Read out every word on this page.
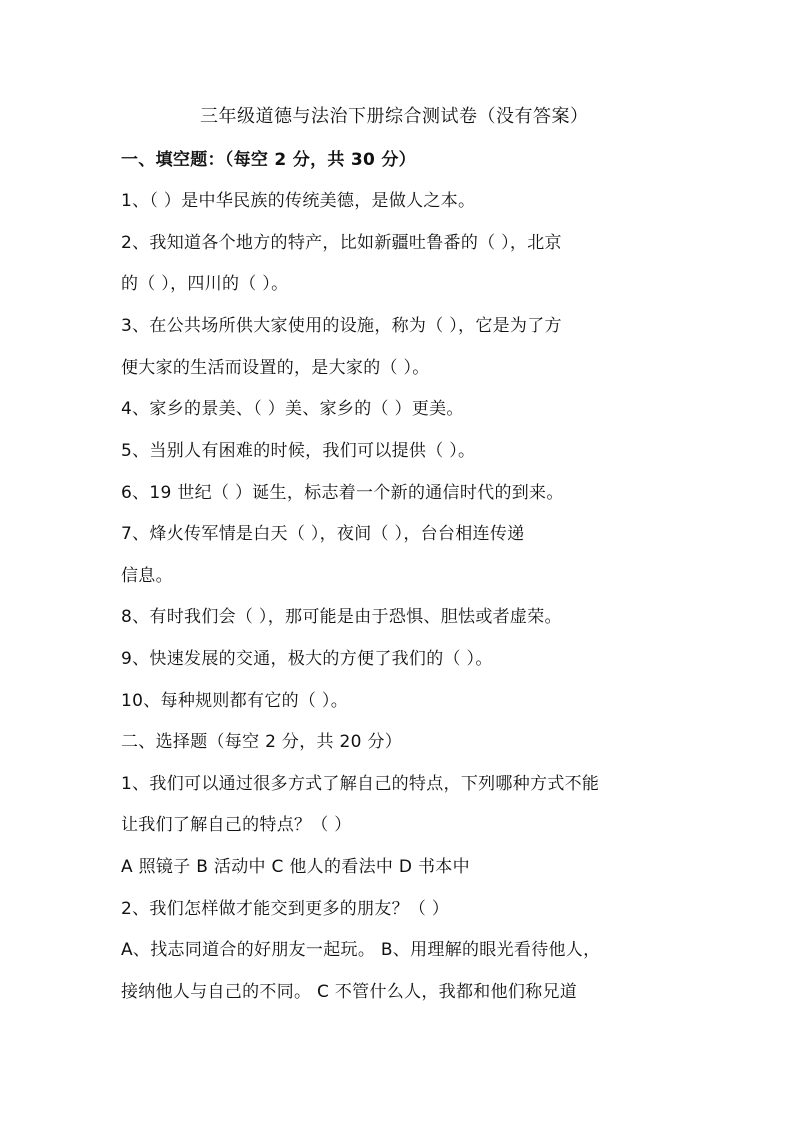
三年级道德与法治下册综合测试卷（没有答案）
一、填空题：（每空 2 分，共 30 分）
1、（ ）是中华民族的传统美德，是做人之本。
2、我知道各个地方的特产，比如新疆吐鲁番的（ ），北京
的（ ），四川的（ ）。
3、在公共场所供大家使用的设施，称为（ ），它是为了方
便大家的生活而设置的，是大家的（ ）。
4、家乡的景美、（ ）美、家乡的（ ）更美。
5、当别人有困难的时候，我们可以提供（ ）。
6、19 世纪（ ）诞生，标志着一个新的通信时代的到来。
7、烽火传军情是白天（ ），夜间（ ），台台相连传递
信息。
8、有时我们会（ ），那可能是由于恐惧、胆怯或者虚荣。
9、快速发展的交通，极大的方便了我们的（ ）。
10、每种规则都有它的（ ）。
二、选择题（每空 2 分，共 20 分）
1、我们可以通过很多方式了解自己的特点，下列哪种方式不能
让我们了解自己的特点？（ ）
A 照镜子 B 活动中 C 他人的看法中 D 书本中
2、我们怎样做才能交到更多的朋友？（ ）
A、找志同道合的好朋友一起玩。 B、用理解的眼光看待他人，
接纳他人与自己的不同。 C 不管什么人，我都和他们称兄道
